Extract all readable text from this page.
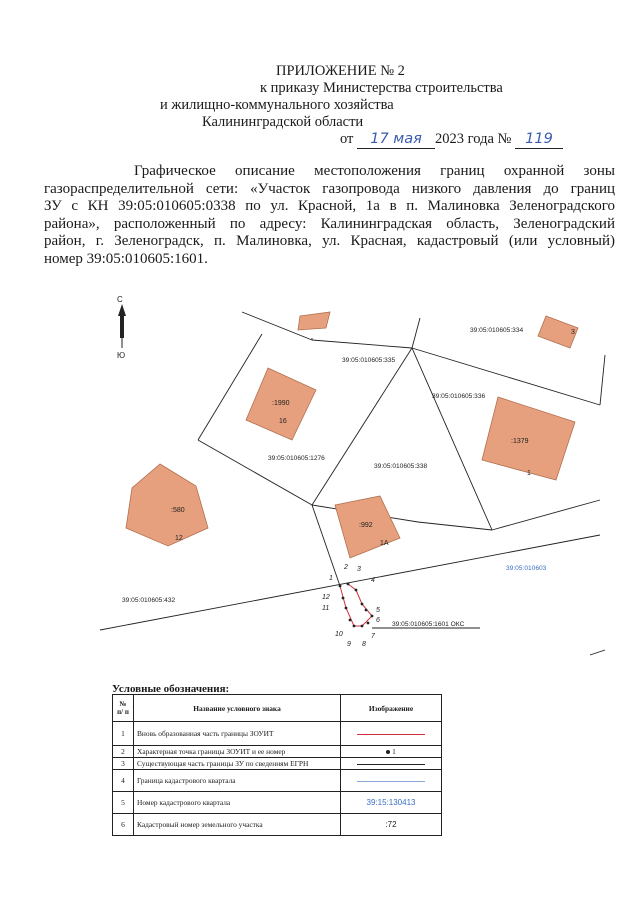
ПРИЛОЖЕНИЕ № 2
к приказу Министерства строительства
и жилищно-коммунального хозяйства
Калининградской области
от 17 мая 2023 года № 119
Графическое описание местоположения границ охранной зоны
газораспределительной сети: «Участок газопровода низкого давления до границ
ЗУ с КН 39:05:010605:0338 по ул. Красной, 1а в п. Малиновка Зеленоградского
района», расположенный по адресу: Калининградская область, Зеленоградский
район, г. Зеленоградск, п. Малиновка, ул. Красная, кадастровый (или условный)
номер 39:05:010605:1601.
С
Ю
39:05:010605:335
39:05:010605:334
39:05:010605:336
39:05:010605:1276
39:05:010605:338
39:05:010605:432
39:05:010605:1601 ОКС
39:05:010603
:1990
16
:1379
1
:580
12
:992
1А
3
1
2 3
4
5
6
7
8
9
10
11
12
Условные обозначения:
№ п/ п	Название условного знака	Изображение
1	Вновь образованная часть границы ЗОУИТ	
2	Характерная точка границы ЗОУИТ и ее номер	1
3	Существующая часть границы ЗУ по сведениям ЕГРН	
4	Граница кадастрового квартала	
5	Номер кадастрового квартала	39:15:130413
6	Кадастровый номер земельного участка	:72
